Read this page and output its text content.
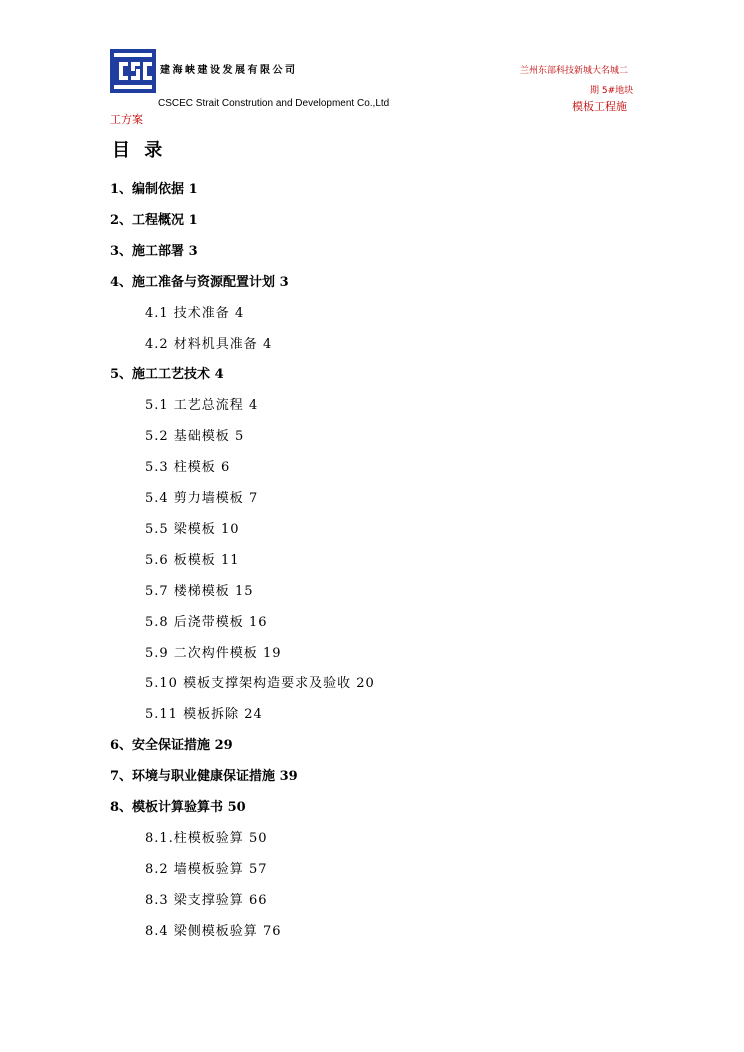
建海峡建设发展有限公司
CSCEC Strait Constrution and Development Co.,Ltd
兰州东部科技新城大名城二
期 5#地块
模板工程施
工方案
目 录
1、编制依据 1
2、工程概况 1
3、施工部署 3
4、施工准备与资源配置计划 3
4.1 技术准备 4
4.2 材料机具准备 4
5、施工工艺技术 4
5.1 工艺总流程 4
5.2 基础模板 5
5.3 柱模板 6
5.4 剪力墙模板 7
5.5 梁模板 10
5.6 板模板 11
5.7 楼梯模板 15
5.8 后浇带模板 16
5.9 二次构件模板 19
5.10 模板支撑架构造要求及验收 20
5.11 模板拆除 24
6、安全保证措施 29
7、环境与职业健康保证措施 39
8、模板计算验算书 50
8.1.柱模板验算 50
8.2 墙模板验算 57
8.3 梁支撑验算 66
8.4 梁侧模板验算 76
